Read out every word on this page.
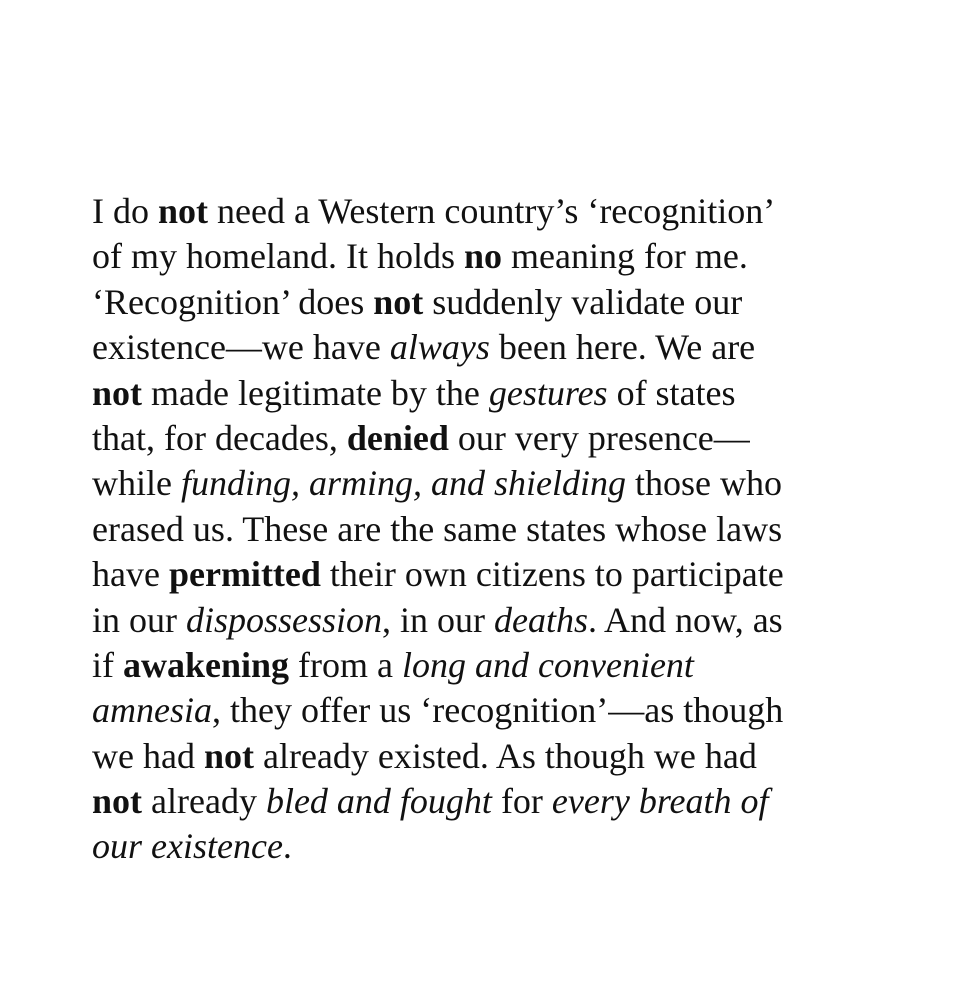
I do not need a Western country’s ‘recognition’
of my homeland. It holds no meaning for me.
‘Recognition’ does not suddenly validate our
existence—we have always been here. We are
not made legitimate by the gestures of states
that, for decades, denied our very presence—
while funding, arming, and shielding those who
erased us. These are the same states whose laws
have permitted their own citizens to participate
in our dispossession, in our deaths. And now, as
if awakening from a long and convenient
amnesia, they offer us ‘recognition’—as though
we had not already existed. As though we had
not already bled and fought for every breath of
our existence.
